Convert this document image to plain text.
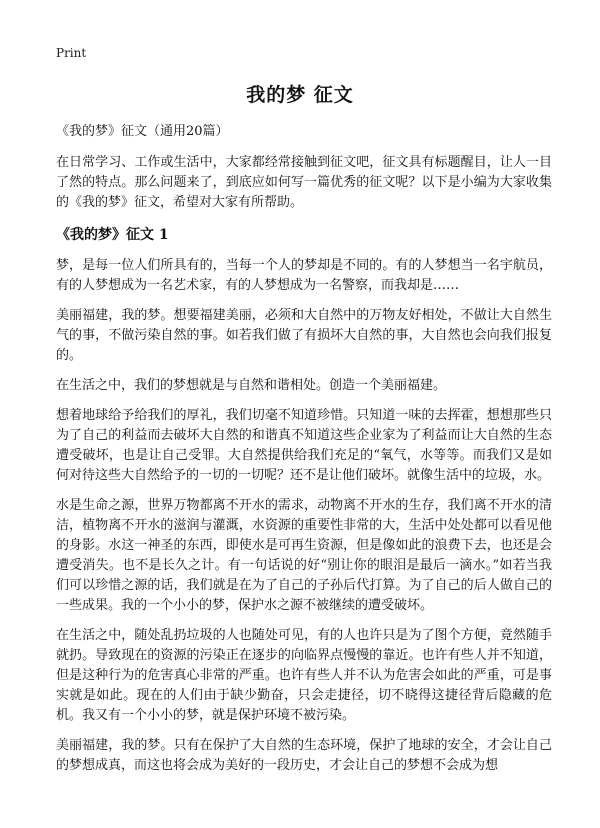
Print
我的梦 征文

《我的梦》征文（通用20篇）

在日常学习、工作或生活中，大家都经常接触到征文吧，征文具有标题醒目，让人一目了然的特点。那么问题来了，到底应如何写一篇优秀的征文呢？以下是小编为大家收集的《我的梦》征文，希望对大家有所帮助。

《我的梦》征文 1

梦，是每一位人们所具有的，当每一个人的梦却是不同的。有的人梦想当一名宇航员，有的人梦想成为一名艺术家，有的人梦想成为一名警察，而我却是……

美丽福建，我的梦。想要福建美丽，必须和大自然中的万物友好相处，不做让大自然生气的事，不做污染自然的事。如若我们做了有损坏大自然的事，大自然也会向我们报复的。

在生活之中，我们的梦想就是与自然和谐相处。创造一个美丽福建。

想着地球给予给我们的厚礼，我们切毫不知道珍惜。只知道一味的去挥霍，想想那些只为了自己的利益而去破坏大自然的和谐真不知道这些企业家为了利益而让大自然的生态遭受破坏，也是让自己受罪。大自然提供给我们充足的“氧气，水等等。而我们又是如何对待这些大自然给予的一切的一切呢？还不是让他们破坏。就像生活中的垃圾，水。

水是生命之源，世界万物都离不开水的需求，动物离不开水的生存，我们离不开水的清洁，植物离不开水的滋润与灌溉，水资源的重要性非常的大，生活中处处都可以看见他的身影。水这一神圣的东西，即使水是可再生资源，但是像如此的浪费下去，也还是会遭受消失。也不是长久之计。有一句话说的好“别让你的眼泪是最后一滴水。”如若当我们可以珍惜之源的话，我们就是在为了自己的子孙后代打算。为了自己的后人做自己的一些成果。我的一个小小的梦，保护水之源不被继续的遭受破坏。

在生活之中，随处乱扔垃圾的人也随处可见，有的人也许只是为了图个方便，竟然随手就扔。导致现在的资源的污染正在逐步的向临界点慢慢的靠近。也许有些人并不知道，但是这种行为的危害真心非常的严重。也许有些人并不认为危害会如此的严重，可是事实就是如此。现在的人们由于缺少勤奋，只会走捷径，切不晓得这捷径背后隐藏的危机。我又有一个小小的梦，就是保护环境不被污染。

美丽福建，我的梦。只有在保护了大自然的生态环境，保护了地球的安全，才会让自己的梦想成真，而这也将会成为美好的一段历史，才会让自己的梦想不会成为想
